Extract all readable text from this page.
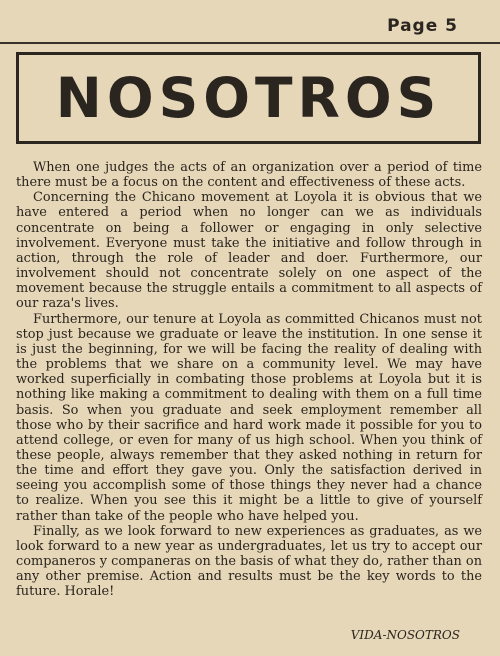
Page 5
NOSOTROS

When one judges the acts of an organization over a period of time there must be a focus on the content and effectiveness of these acts.

Concerning the Chicano movement at Loyola it is obvious that we have entered a period when no longer can we as individuals concentrate on being a follower or engaging in only selective involvement. Everyone must take the initiative and follow through in action, through the role of leader and doer. Furthermore, our involvement should not concentrate solely on one aspect of the movement because the struggle entails a commitment to all aspects of our raza's lives.

Furthermore, our tenure at Loyola as committed Chicanos must not stop just because we graduate or leave the institution. In one sense it is just the beginning, for we will be facing the reality of dealing with the problems that we share on a community level. We may have worked superficially in combating those problems at Loyola but it is nothing like making a commitment to dealing with them on a full time basis. So when you graduate and seek employment remember all those who by their sacrifice and hard work made it possible for you to attend college, or even for many of us high school. When you think of these people, always remember that they asked nothing in return for the time and effort they gave you. Only the satisfaction derived in seeing you accomplish some of those things they never had a chance to realize. When you see this it might be a little to give of yourself rather than take of the people who have helped you.

Finally, as we look forward to new experiences as graduates, as we look forward to a new year as undergraduates, let us try to accept our companeros y companeras on the basis of what they do, rather than on any other premise. Action and results must be the key words to the future. Horale!

VIDA-NOSOTROS
